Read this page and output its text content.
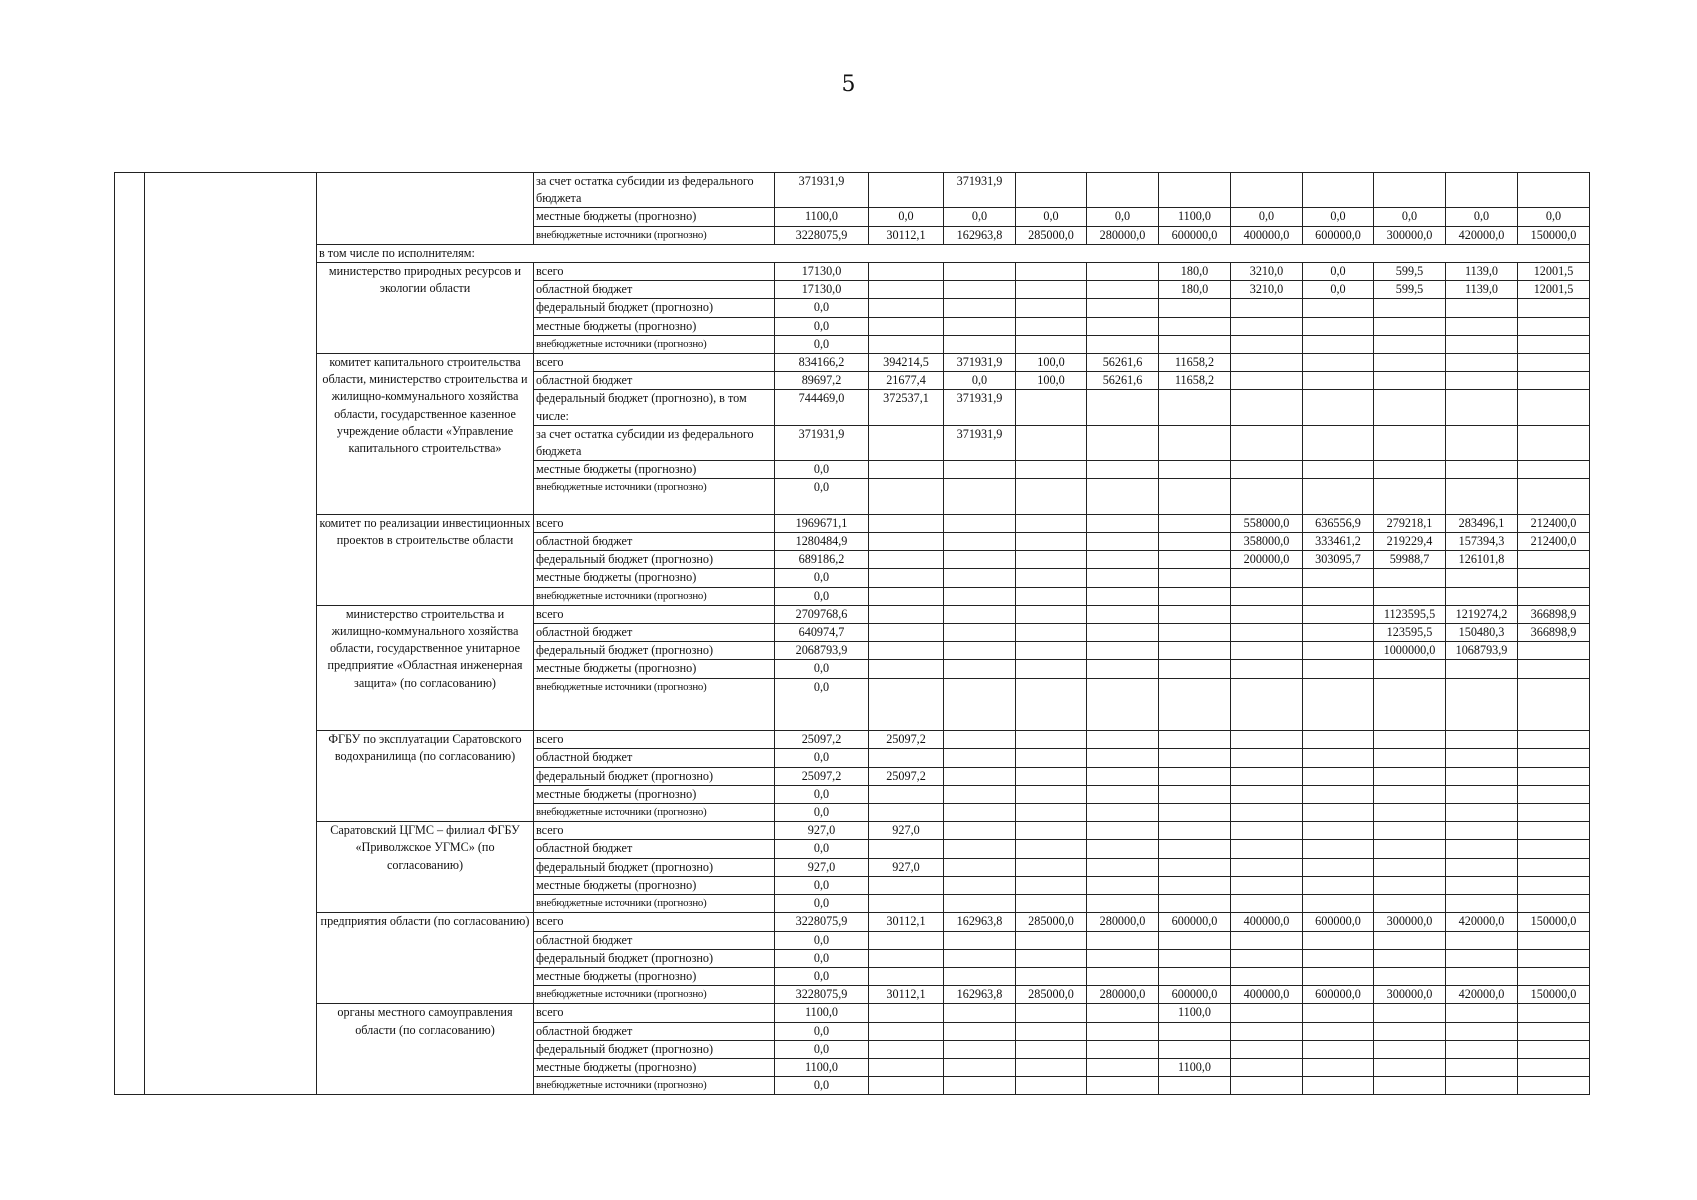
5
			за счет остатка субсидии из федерального бюджета	371931,9		371931,9								
			местные бюджеты (прогнозно)	1100,0	0,0	0,0	0,0	0,0	1100,0	0,0	0,0	0,0	0,0	0,0
			внебюджетные источники (прогнозно)	3228075,9	30112,1	162963,8	285000,0	280000,0	600000,0	400000,0	600000,0	300000,0	420000,0	150000,0
		в том числе по исполнителям:												
		министерство природных ресурсов и экологии области	всего	17130,0					180,0	3210,0	0,0	599,5	1139,0	12001,5
			областной бюджет	17130,0					180,0	3210,0	0,0	599,5	1139,0	12001,5
			федеральный бюджет (прогнозно)	0,0										
			местные бюджеты (прогнозно)	0,0										
			внебюджетные источники (прогнозно)	0,0										
		комитет капитального строительства области, министерство строительства и жилищно-коммунального хозяйства области, государственное казенное учреждение области «Управление капитального строительства»	всего	834166,2	394214,5	371931,9	100,0	56261,6	11658,2					
			областной бюджет	89697,2	21677,4	0,0	100,0	56261,6	11658,2					
			федеральный бюджет (прогнозно), в том числе:	744469,0	372537,1	371931,9								
			за счет остатка субсидии из федерального бюджета	371931,9		371931,9								
			местные бюджеты (прогнозно)	0,0										
			внебюджетные источники (прогнозно)	0,0										
		комитет по реализации инвестиционных проектов в строительстве области	всего	1969671,1						558000,0	636556,9	279218,1	283496,1	212400,0
			областной бюджет	1280484,9						358000,0	333461,2	219229,4	157394,3	212400,0
			федеральный бюджет (прогнозно)	689186,2						200000,0	303095,7	59988,7	126101,8	
			местные бюджеты (прогнозно)	0,0										
			внебюджетные источники (прогнозно)	0,0										
		министерство строительства и жилищно-коммунального хозяйства области, государственное унитарное предприятие «Областная инженерная защита» (по согласованию)	всего	2709768,6								1123595,5	1219274,2	366898,9
			областной бюджет	640974,7								123595,5	150480,3	366898,9
			федеральный бюджет (прогнозно)	2068793,9								1000000,0	1068793,9	
			местные бюджеты (прогнозно)	0,0										
			внебюджетные источники (прогнозно)	0,0										
		ФГБУ по эксплуатации Саратовского водохранилища (по согласованию)	всего	25097,2	25097,2									
			областной бюджет	0,0										
			федеральный бюджет (прогнозно)	25097,2	25097,2									
			местные бюджеты (прогнозно)	0,0										
			внебюджетные источники (прогнозно)	0,0										
		Саратовский ЦГМС – филиал ФГБУ «Приволжское УГМС» (по согласованию)	всего	927,0	927,0									
			областной бюджет	0,0										
			федеральный бюджет (прогнозно)	927,0	927,0									
			местные бюджеты (прогнозно)	0,0										
			внебюджетные источники (прогнозно)	0,0										
		предприятия области (по согласованию)	всего	3228075,9	30112,1	162963,8	285000,0	280000,0	600000,0	400000,0	600000,0	300000,0	420000,0	150000,0
			областной бюджет	0,0										
			федеральный бюджет (прогнозно)	0,0										
			местные бюджеты (прогнозно)	0,0										
			внебюджетные источники (прогнозно)	3228075,9	30112,1	162963,8	285000,0	280000,0	600000,0	400000,0	600000,0	300000,0	420000,0	150000,0
		органы местного самоуправления области (по согласованию)	всего	1100,0					1100,0					
			областной бюджет	0,0										
			федеральный бюджет (прогнозно)	0,0										
			местные бюджеты (прогнозно)	1100,0					1100,0					
			внебюджетные источники (прогнозно)	0,0										
